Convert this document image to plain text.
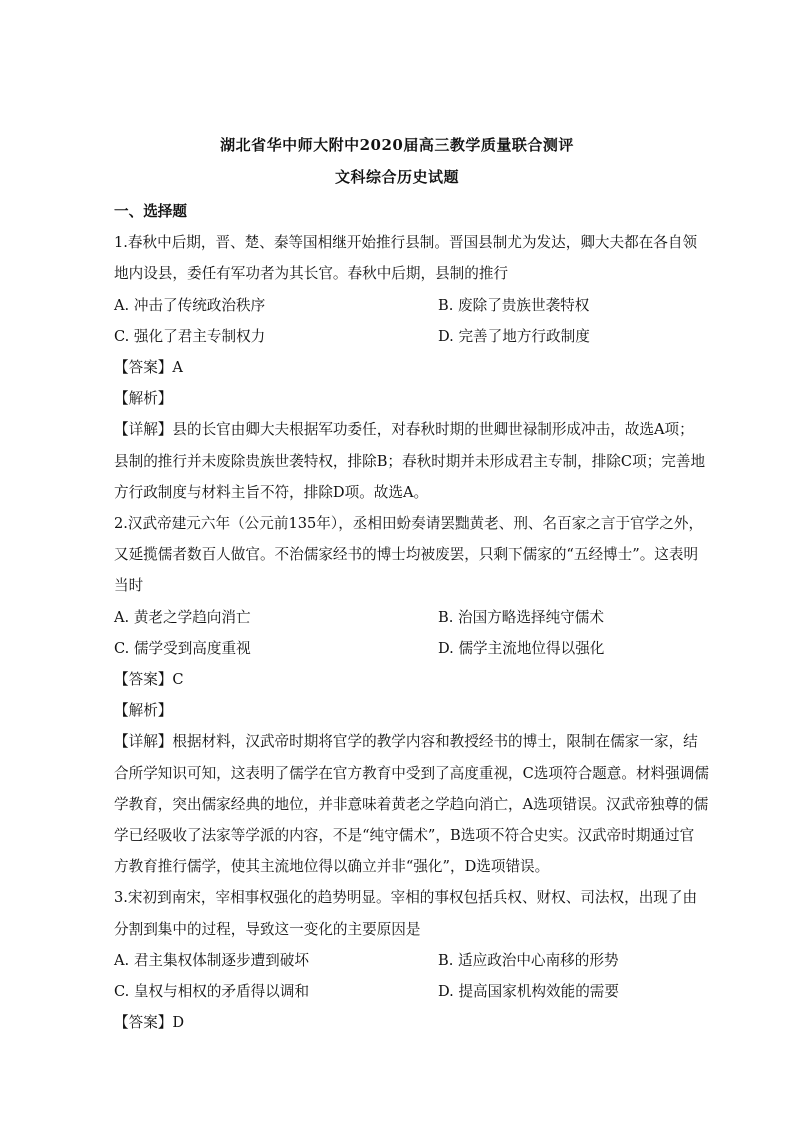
湖北省华中师大附中2020届高三教学质量联合测评
文科综合历史试题
一、选择题
1.春秋中后期，晋、楚、秦等国相继开始推行县制。晋国县制尤为发达，卿大夫都在各自领
地内设县，委任有军功者为其长官。春秋中后期，县制的推行
A. 冲击了传统政治秩序	B. 废除了贵族世袭特权
C. 强化了君主专制权力	D. 完善了地方行政制度
【答案】A
【解析】
【详解】县的长官由卿大夫根据军功委任，对春秋时期的世卿世禄制形成冲击，故选A项；
县制的推行并未废除贵族世袭特权，排除B；春秋时期并未形成君主专制，排除C项；完善地
方行政制度与材料主旨不符，排除D项。故选A。
2.汉武帝建元六年（公元前135年），丞相田蚡奏请罢黜黄老、刑、名百家之言于官学之外，
又延揽儒者数百人做官。不治儒家经书的博士均被废罢，只剩下儒家的“五经博士”。这表明
当时
A. 黄老之学趋向消亡	B. 治国方略选择纯守儒术
C. 儒学受到高度重视	D. 儒学主流地位得以强化
【答案】C
【解析】
【详解】根据材料，汉武帝时期将官学的教学内容和教授经书的博士，限制在儒家一家，结
合所学知识可知，这表明了儒学在官方教育中受到了高度重视，C选项符合题意。材料强调儒
学教育，突出儒家经典的地位，并非意味着黄老之学趋向消亡，A选项错误。汉武帝独尊的儒
学已经吸收了法家等学派的内容，不是“纯守儒术”，B选项不符合史实。汉武帝时期通过官
方教育推行儒学，使其主流地位得以确立并非“强化”，D选项错误。
3.宋初到南宋，宰相事权强化的趋势明显。宰相的事权包括兵权、财权、司法权，出现了由
分割到集中的过程，导致这一变化的主要原因是
A. 君主集权体制逐步遭到破坏	B. 适应政治中心南移的形势
C. 皇权与相权的矛盾得以调和	D. 提高国家机构效能的需要
【答案】D
